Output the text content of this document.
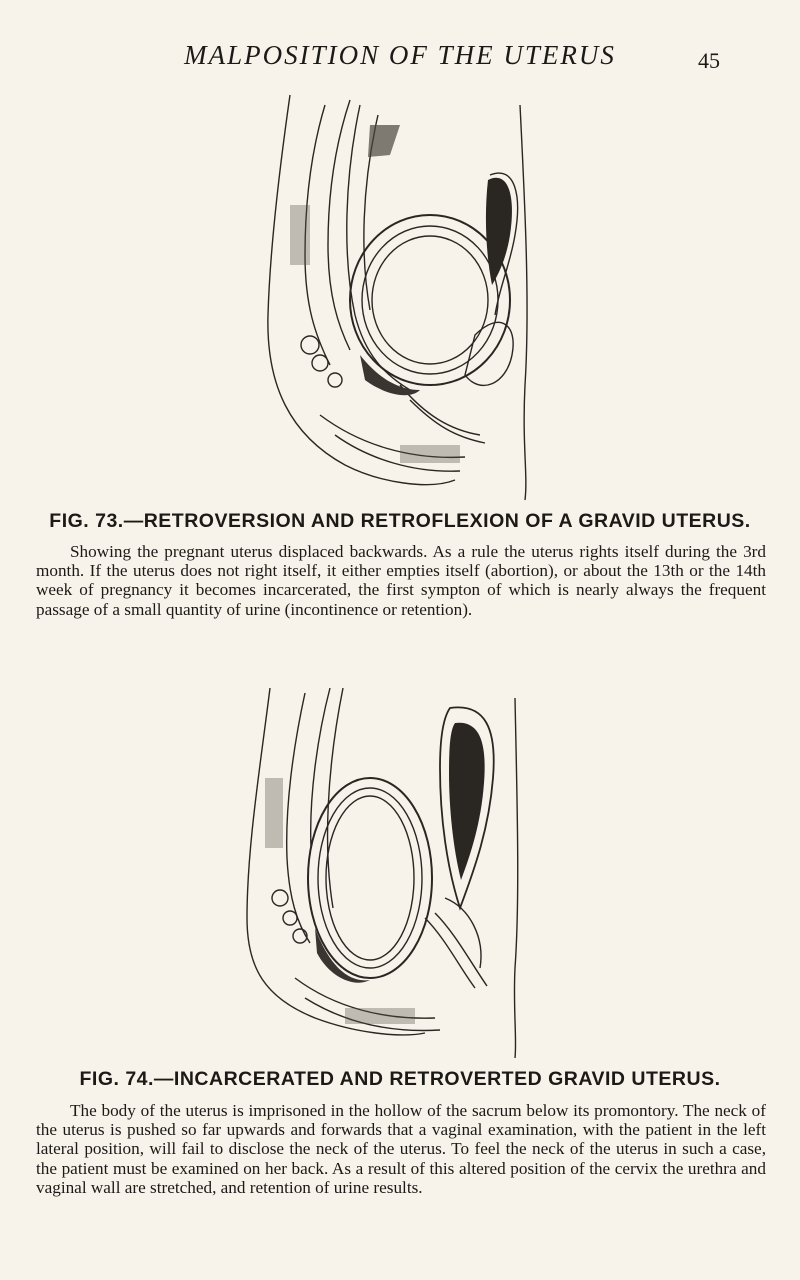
MALPOSITION OF THE UTERUS	45
FIG. 73.—RETROVERSION AND RETROFLEXION OF A GRAVID UTERUS.
Showing the pregnant uterus displaced backwards. As a rule the uterus rights itself during the 3rd month. If the uterus does not right itself, it either empties itself (abortion), or about the 13th or the 14th week of pregnancy it becomes incarcerated, the first sympton of which is nearly always the frequent passage of a small quantity of urine (incontinence or retention).
FIG. 74.—INCARCERATED AND RETROVERTED GRAVID UTERUS.
The body of the uterus is imprisoned in the hollow of the sacrum below its promontory. The neck of the uterus is pushed so far upwards and forwards that a vaginal examination, with the patient in the left lateral position, will fail to disclose the neck of the uterus. To feel the neck of the uterus in such a case, the patient must be examined on her back. As a result of this altered position of the cervix the urethra and vaginal wall are stretched, and retention of urine results.
